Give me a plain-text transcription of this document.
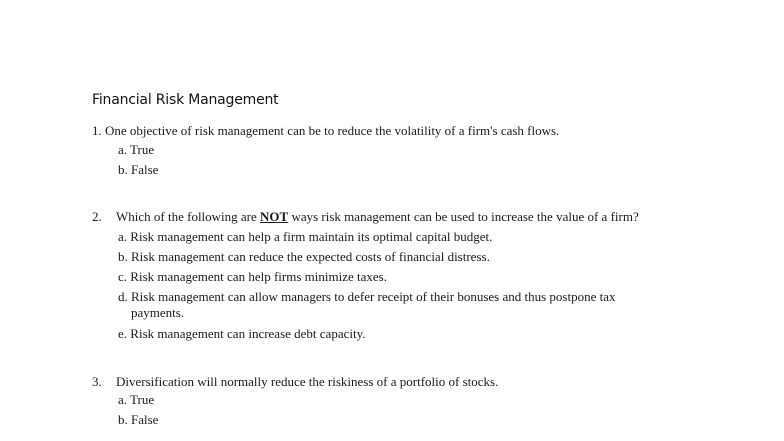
Financial Risk Management
1. One objective of risk management can be to reduce the volatility of a firm's cash flows.
a. True
b. False
2. Which of the following are NOT ways risk management can be used to increase the value of a firm?
a. Risk management can help a firm maintain its optimal capital budget.
b. Risk management can reduce the expected costs of financial distress.
c. Risk management can help firms minimize taxes.
d. Risk management can allow managers to defer receipt of their bonuses and thus postpone tax
payments.
e. Risk management can increase debt capacity.
3. Diversification will normally reduce the riskiness of a portfolio of stocks.
a. True
b. False
